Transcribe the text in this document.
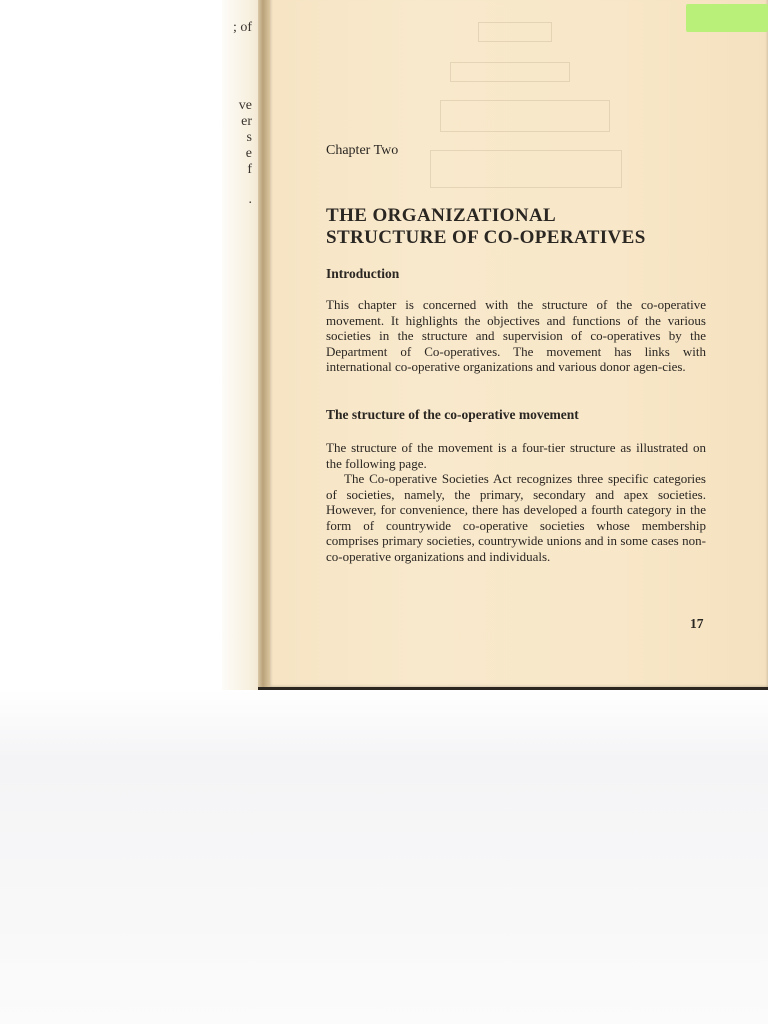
; of
ve
er
s
e
f
.
Chapter Two
THE ORGANIZATIONAL
STRUCTURE OF CO-OPERATIVES
Introduction

This chapter is concerned with the structure of the co-operative movement. It highlights the objectives and functions of the various societies in the structure and supervision of co-operatives by the Department of Co-operatives. The movement has links with international co-operative organizations and various donor agen-cies.

The structure of the co-operative movement

The structure of the movement is a four-tier structure as illustrated on the following page.

The Co-operative Societies Act recognizes three specific categories of societies, namely, the primary, secondary and apex societies. However, for convenience, there has developed a fourth category in the form of countrywide co-operative societies whose membership comprises primary societies, countrywide unions and in some cases non-co-operative organizations and individuals.

17
